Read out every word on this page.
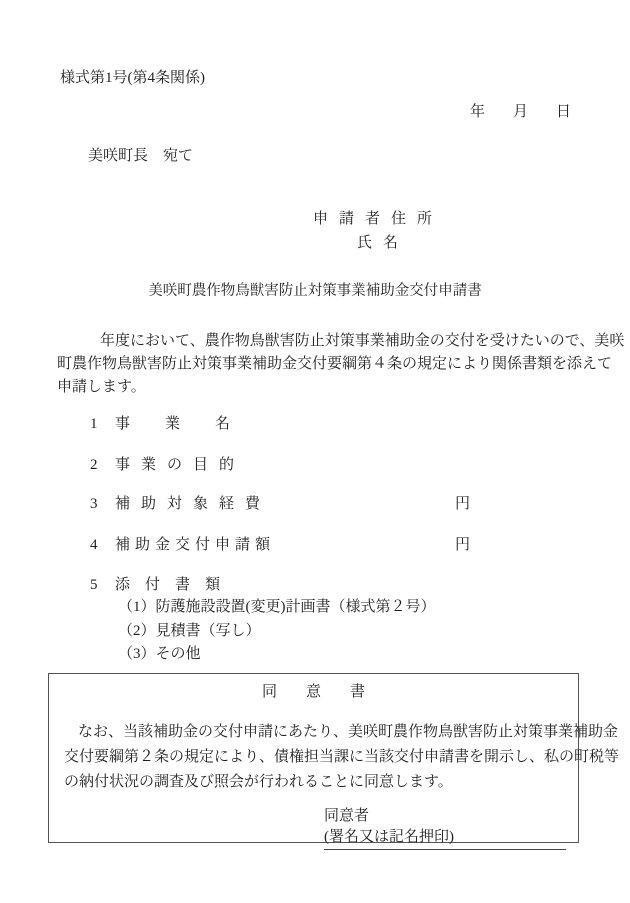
様式第1号(第4条関係)
年月日
美咲町長　宛て
申請者住所
氏名
美咲町農作物鳥獣害防止対策事業補助金交付申請書
年度において、農作物鳥獣害防止対策事業補助金の交付を受けたいので、美咲
町農作物鳥獣害防止対策事業補助金交付要綱第４条の規定により関係書類を添えて
申請します。
1 事業名
2 事業の目的
3 補助対象経費	円
4 補助金交付申請額	円
5 添付書類
（1）防護施設設置(変更)計画書（様式第２号）
（2）見積書（写し）
（3）その他
同意書
なお、当該補助金の交付申請にあたり、美咲町農作物鳥獣害防止対策事業補助金
交付要綱第２条の規定により、債権担当課に当該交付申請書を開示し、私の町税等
の納付状況の調査及び照会が行われることに同意します。
同意者
(署名又は記名押印)
